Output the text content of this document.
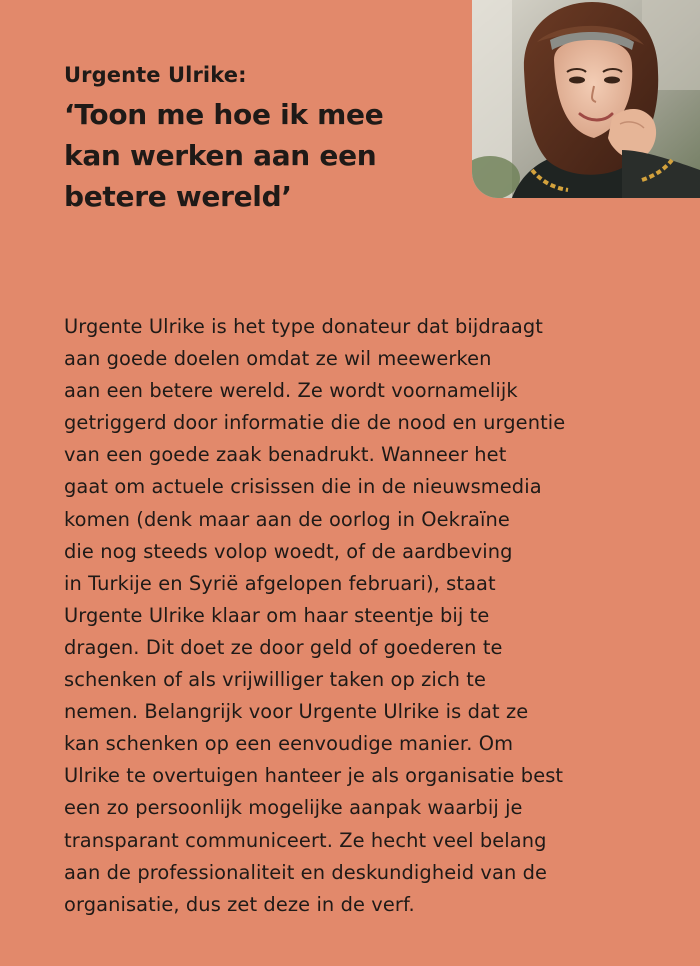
Urgente Ulrike:

‘Toon me hoe ik mee
kan werken aan een
betere wereld’
Urgente Ulrike is het type donateur dat bijdraagt
aan goede doelen omdat ze wil meewerken
aan een betere wereld. Ze wordt voornamelijk
getriggerd door informatie die de nood en urgentie
van een goede zaak benadrukt. Wanneer het
gaat om actuele crisissen die in de nieuwsmedia
komen (denk maar aan de oorlog in Oekraïne
die nog steeds volop woedt, of de aardbeving
in Turkije en Syrië afgelopen februari), staat
Urgente Ulrike klaar om haar steentje bij te
dragen. Dit doet ze door geld of goederen te
schenken of als vrijwilliger taken op zich te
nemen. Belangrijk voor Urgente Ulrike is dat ze
kan schenken op een eenvoudige manier. Om
Ulrike te overtuigen hanteer je als organisatie best
een zo persoonlijk mogelijke aanpak waarbij je
transparant communiceert. Ze hecht veel belang
aan de professionaliteit en deskundigheid van de
organisatie, dus zet deze in de verf.
